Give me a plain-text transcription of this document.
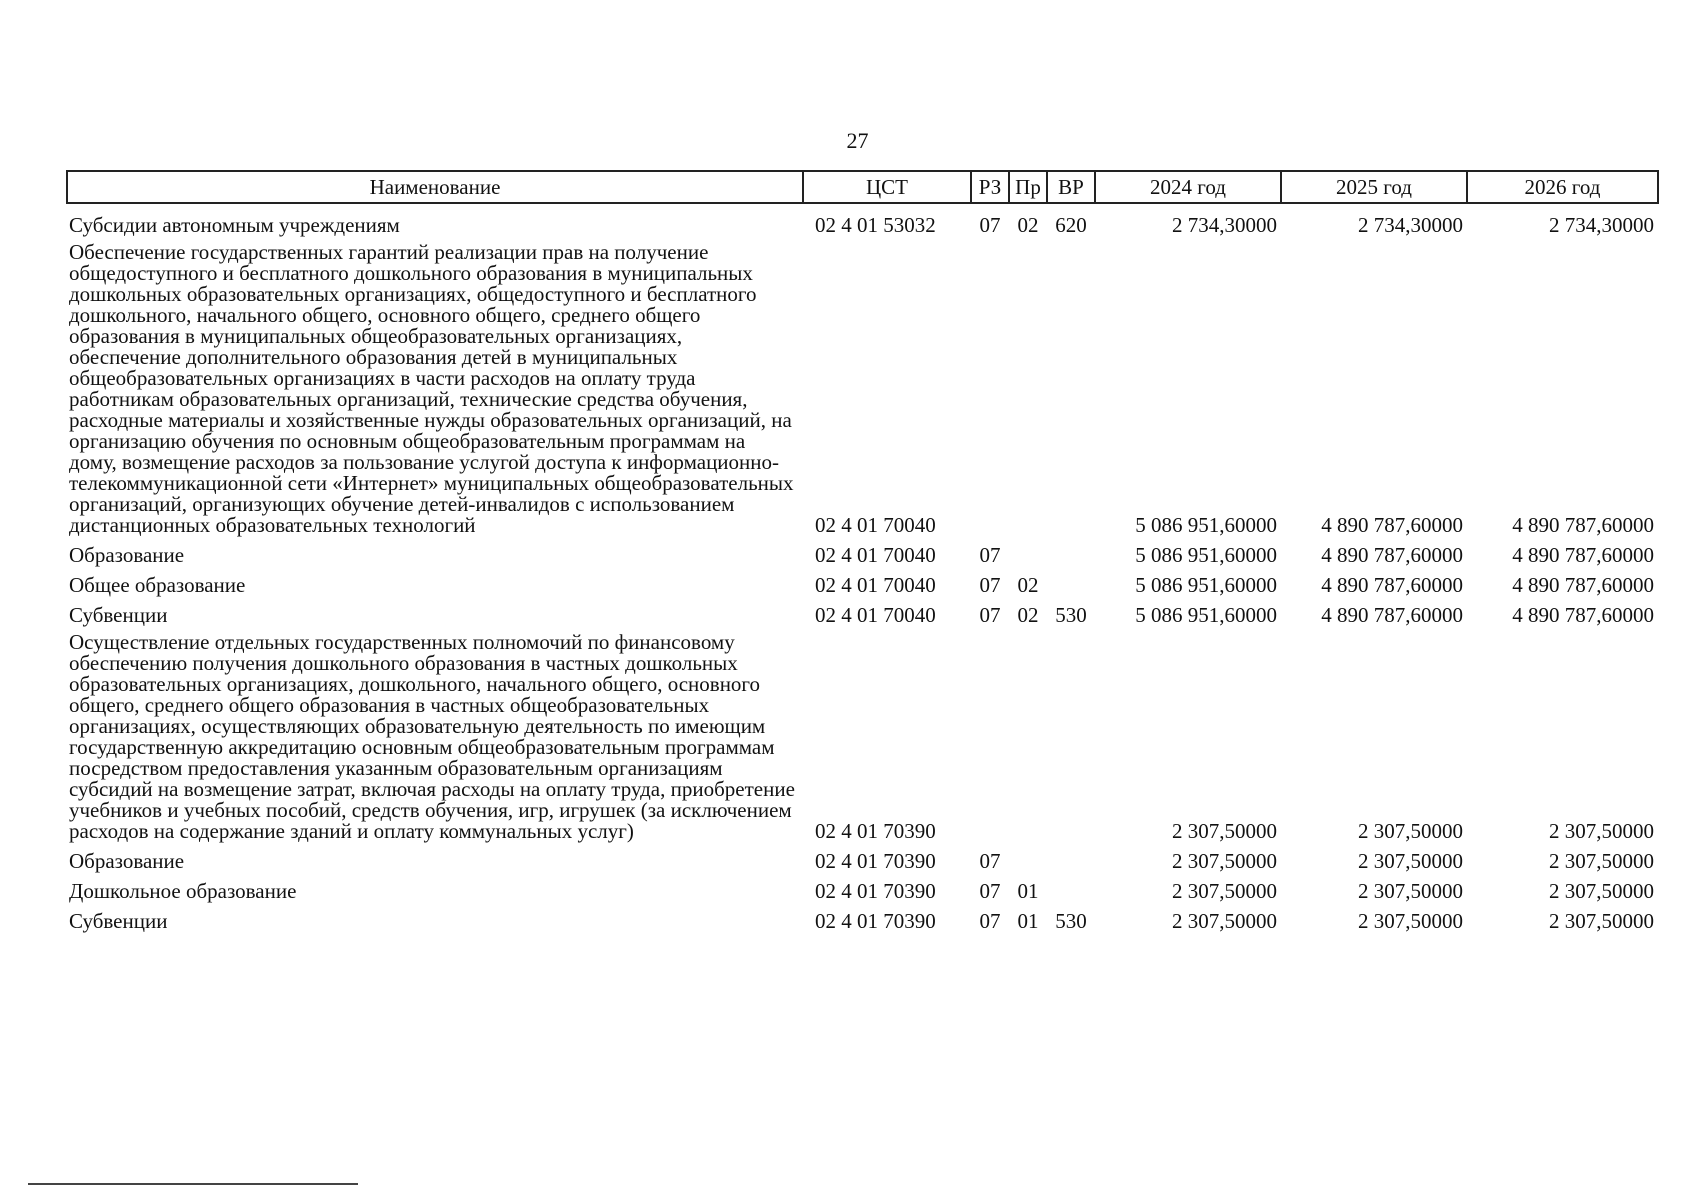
27
Наименование	ЦСТ	РЗ	Пр	ВР	2024 год	2025 год	2026 год
Субсидии автономным учреждениям	02 4 01 53032	07	02	620	2 734,30000	2 734,30000	2 734,30000
Обеспечение государственных гарантий реализации прав на получение общедоступного и бесплатного дошкольного образования в муниципальных дошкольных образовательных организациях, общедоступного и бесплатного дошкольного, начального общего, основного общего, среднего общего образования в муниципальных общеобразовательных организациях, обеспечение дополнительного образования детей в муниципальных общеобразовательных организациях в части расходов на оплату труда работникам образовательных организаций, технические средства обучения, расходные материалы и хозяйственные нужды образовательных организаций, на организацию обучения по основным общеобразовательным программам на дому, возмещение расходов за пользование услугой доступа к информационно-телекоммуникационной сети «Интернет» муниципальных общеобразовательных организаций, организующих обучение детей-инвалидов с использованием дистанционных образовательных технологий	02 4 01 70040				5 086 951,60000	4 890 787,60000	4 890 787,60000
Образование	02 4 01 70040	07			5 086 951,60000	4 890 787,60000	4 890 787,60000
Общее образование	02 4 01 70040	07	02		5 086 951,60000	4 890 787,60000	4 890 787,60000
Субвенции	02 4 01 70040	07	02	530	5 086 951,60000	4 890 787,60000	4 890 787,60000
Осуществление отдельных государственных полномочий по финансовому обеспечению получения дошкольного образования в частных дошкольных образовательных организациях, дошкольного, начального общего, основного общего, среднего общего образования в частных общеобразовательных организациях, осуществляющих образовательную деятельность по имеющим государственную аккредитацию основным общеобразовательным программам посредством предоставления указанным образовательным организациям субсидий на возмещение затрат, включая расходы на оплату труда, приобретение учебников и учебных пособий, средств обучения, игр, игрушек (за исключением расходов на содержание зданий и оплату коммунальных услуг)	02 4 01 70390				2 307,50000	2 307,50000	2 307,50000
Образование	02 4 01 70390	07			2 307,50000	2 307,50000	2 307,50000
Дошкольное образование	02 4 01 70390	07	01		2 307,50000	2 307,50000	2 307,50000
Субвенции	02 4 01 70390	07	01	530	2 307,50000	2 307,50000	2 307,50000
